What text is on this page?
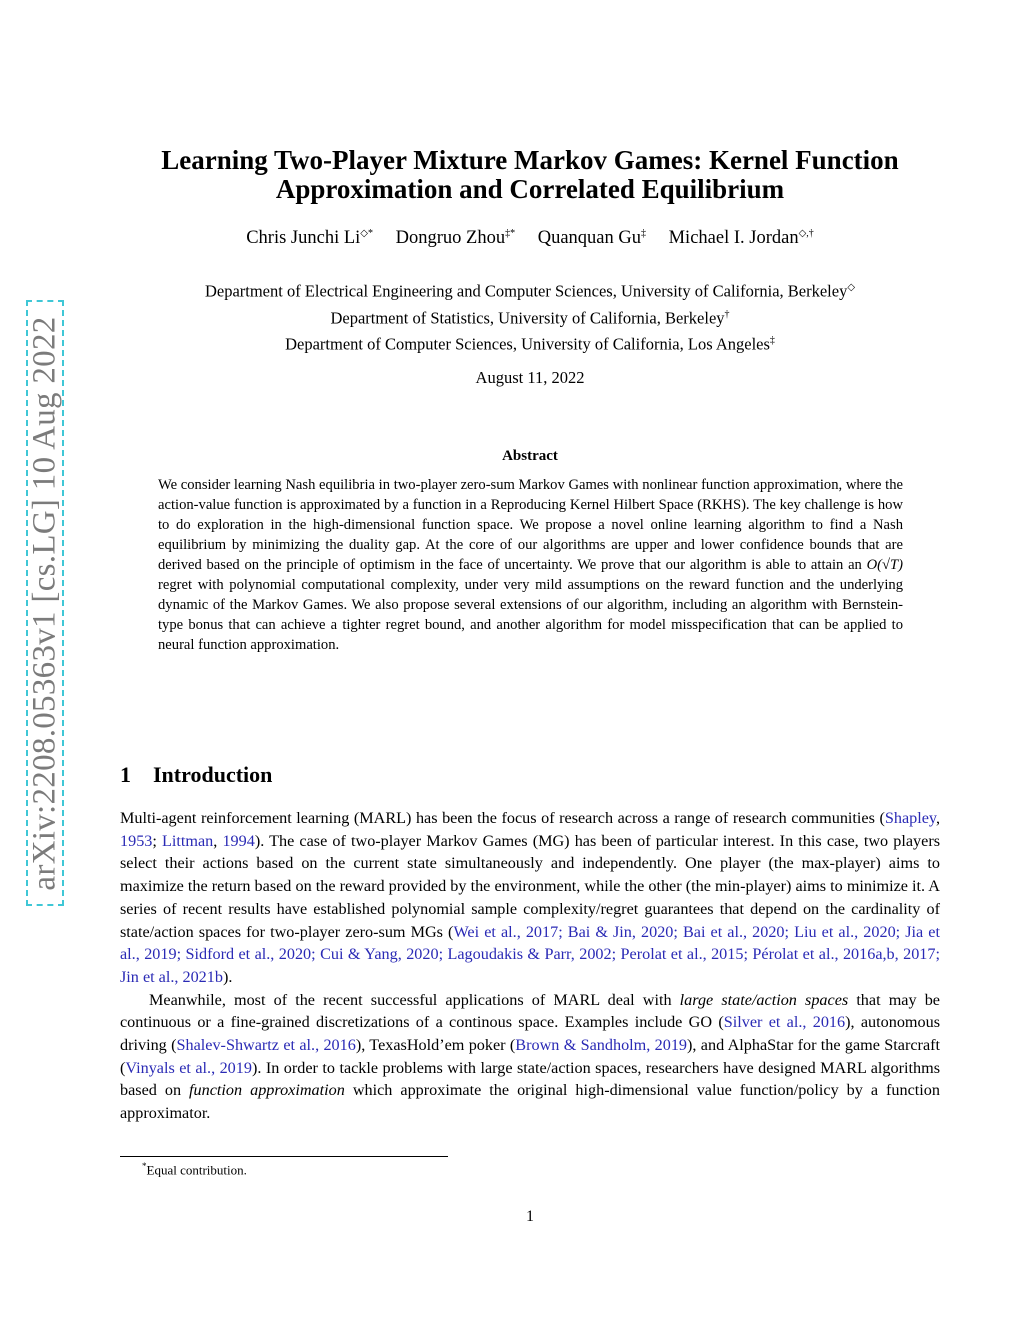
arXiv:2208.05363v1 [cs.LG] 10 Aug 2022
Learning Two-Player Mixture Markov Games: Kernel Function Approximation and Correlated Equilibrium
Chris Junchi Li◇* Dongruo Zhou‡* Quanquan Gu‡ Michael I. Jordan◇,†
Department of Electrical Engineering and Computer Sciences, University of California, Berkeley◇
Department of Statistics, University of California, Berkeley†
Department of Computer Sciences, University of California, Los Angeles‡
August 11, 2022
Abstract
We consider learning Nash equilibria in two-player zero-sum Markov Games with nonlinear function approximation, where the action-value function is approximated by a function in a Reproducing Kernel Hilbert Space (RKHS). The key challenge is how to do exploration in the high-dimensional function space. We propose a novel online learning algorithm to find a Nash equilibrium by minimizing the duality gap. At the core of our algorithms are upper and lower confidence bounds that are derived based on the principle of optimism in the face of uncertainty. We prove that our algorithm is able to attain an O(√T) regret with polynomial computational complexity, under very mild assumptions on the reward function and the underlying dynamic of the Markov Games. We also propose several extensions of our algorithm, including an algorithm with Bernstein-type bonus that can achieve a tighter regret bound, and another algorithm for model misspecification that can be applied to neural function approximation.
1 Introduction

Multi-agent reinforcement learning (MARL) has been the focus of research across a range of research communities (Shapley, 1953; Littman, 1994). The case of two-player Markov Games (MG) has been of particular interest. In this case, two players select their actions based on the current state simultaneously and independently. One player (the max-player) aims to maximize the return based on the reward provided by the environment, while the other (the min-player) aims to minimize it. A series of recent results have established polynomial sample complexity/regret guarantees that depend on the cardinality of state/action spaces for two-player zero-sum MGs (Wei et al., 2017; Bai & Jin, 2020; Bai et al., 2020; Liu et al., 2020; Jia et al., 2019; Sidford et al., 2020; Cui & Yang, 2020; Lagoudakis & Parr, 2002; Perolat et al., 2015; Pérolat et al., 2016a,b, 2017; Jin et al., 2021b).

Meanwhile, most of the recent successful applications of MARL deal with large state/action spaces that may be continuous or a fine-grained discretizations of a continous space. Examples include GO (Silver et al., 2016), autonomous driving (Shalev-Shwartz et al., 2016), TexasHold’em poker (Brown & Sandholm, 2019), and AlphaStar for the game Starcraft (Vinyals et al., 2019). In order to tackle problems with large state/action spaces, researchers have designed MARL algorithms based on function approximation which approximate the original high-dimensional value function/policy by a function approximator.

*Equal contribution.
1
